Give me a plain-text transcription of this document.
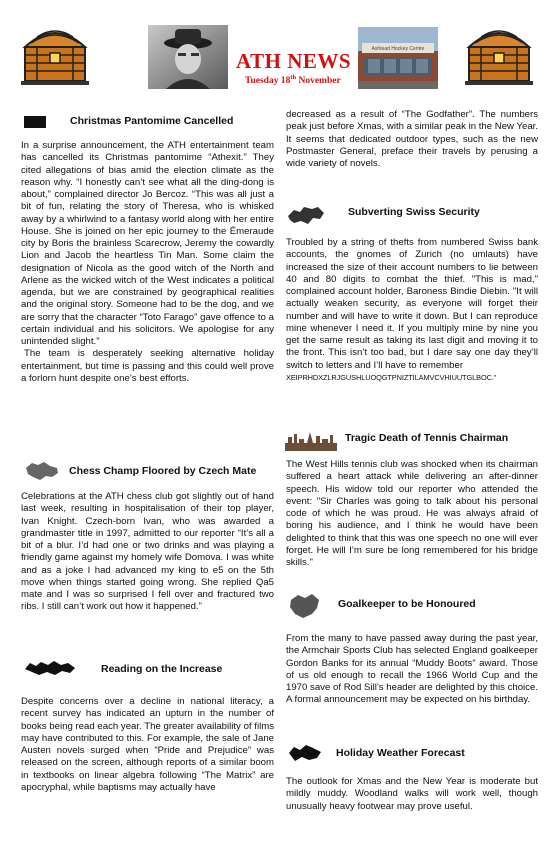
ATH NEWS
Tuesday 18th November
Ashtead Hockey Centre
Christmas Pantomime Cancelled

In a surprise announcement, the ATH entertainment team has cancelled its Christmas pantomime “Athexit.” They cited allegations of bias amid the election climate as the reason why. “I honestly can’t see what all the ding-dong is about,” complained director Jo Bercoz. “This was all just a bit of fun, relating the story of Theresa, who is whisked away by a whirlwind to a fantasy world along with her entire House. She is joined on her epic journey to the Émeraude city by Boris the brainless Scarecrow, Jeremy the cowardly Lion and Jacob the heartless Tin Man. Some claim the designation of Nicola as the good witch of the North and Arlene as the wicked witch of the West indicates a political agenda, but we are constrained by geographical realities and the original story. Someone had to be the dog, and we are sorry that the character “Toto Farago” gave offence to a certain individual and his solicitors. We apologise for any unintended slight.”

The team is desperately seeking alternative holiday entertainment, but time is passing and this could well prove a forlorn hunt despite one’s best efforts.

Chess Champ Floored by Czech Mate

Celebrations at the ATH chess club got slightly out of hand last week, resulting in hospitalisation of their top player, Ivan Knight. Czech-born Ivan, who was awarded a grandmaster title in 1997, admitted to our reporter “It’s all a bit of a blur. I’d had one or two drinks and was playing a friendly game against my homely wife Domova. I was white and as a joke I had advanced my king to e5 on the 5th move when things started going wrong. She replied Qa5 mate and I was so surprised I fell over and fractured two ribs. I still can’t work out how it happened.”

Reading on the Increase

Despite concerns over a decline in national literacy, a recent survey has indicated an upturn in the number of books being read each year. The greater availability of films may have contributed to this. For example, the sale of Jane Austen novels surged when “Pride and Prejudice” was released on the screen, although reports of a similar boom in textbooks on linear algebra following “The Matrix” are apocryphal, while baptisms may actually have

Subverting Swiss Security
Tragic Death of Tennis Chairman
Goalkeeper to be Honoured
Holiday Weather Forecast

decreased as a result of “The Godfather”. The numbers peak just before Xmas, with a similar peak in the New Year. It seems that dedicated outdoor types, such as the new Postmaster General, preface their travels by perusing a wide variety of novels.

Troubled by a string of thefts from numbered Swiss bank accounts, the gnomes of Zurich (no umlauts) have increased the size of their account numbers to lie between 40 and 80 digits to combat the thief. "This is mad," complained account holder, Baroness Bindie Diebin. "It will actually weaken security, as everyone will forget their number and will have to write it down. But I can reproduce mine whenever I need it. If you multiply mine by nine you get the same result as taking its last digit and moving it to the front. This isn’t too bad, but I dare say one day they’ll switch to letters and I’ll have to remember

XEIPRHDXZLRJGUSHLUOQGTPNIZTILAMVCVHIUUTGLBOC."

The West Hills tennis club was shocked when its chairman suffered a heart attack while delivering an after-dinner speech. His widow told our reporter who attended the event: "Sir Charles was going to talk about his personal code of which he was proud. He was always afraid of boring his audience, and I think he would have been delighted to think that this was one speech no one will ever forget. He will I’m sure be long remembered for his bridge skills."

From the many to have passed away during the past year, the Armchair Sports Club has selected England goalkeeper Gordon Banks for its annual “Muddy Boots” award. Those of us old enough to recall the 1966 World Cup and the 1970 save of Rod Sill’s header are delighted by this choice. A formal announcement may be expected on his birthday.

The outlook for Xmas and the New Year is moderate but mildly muddy. Woodland walks will work well, though unusually heavy footwear may prove useful.
